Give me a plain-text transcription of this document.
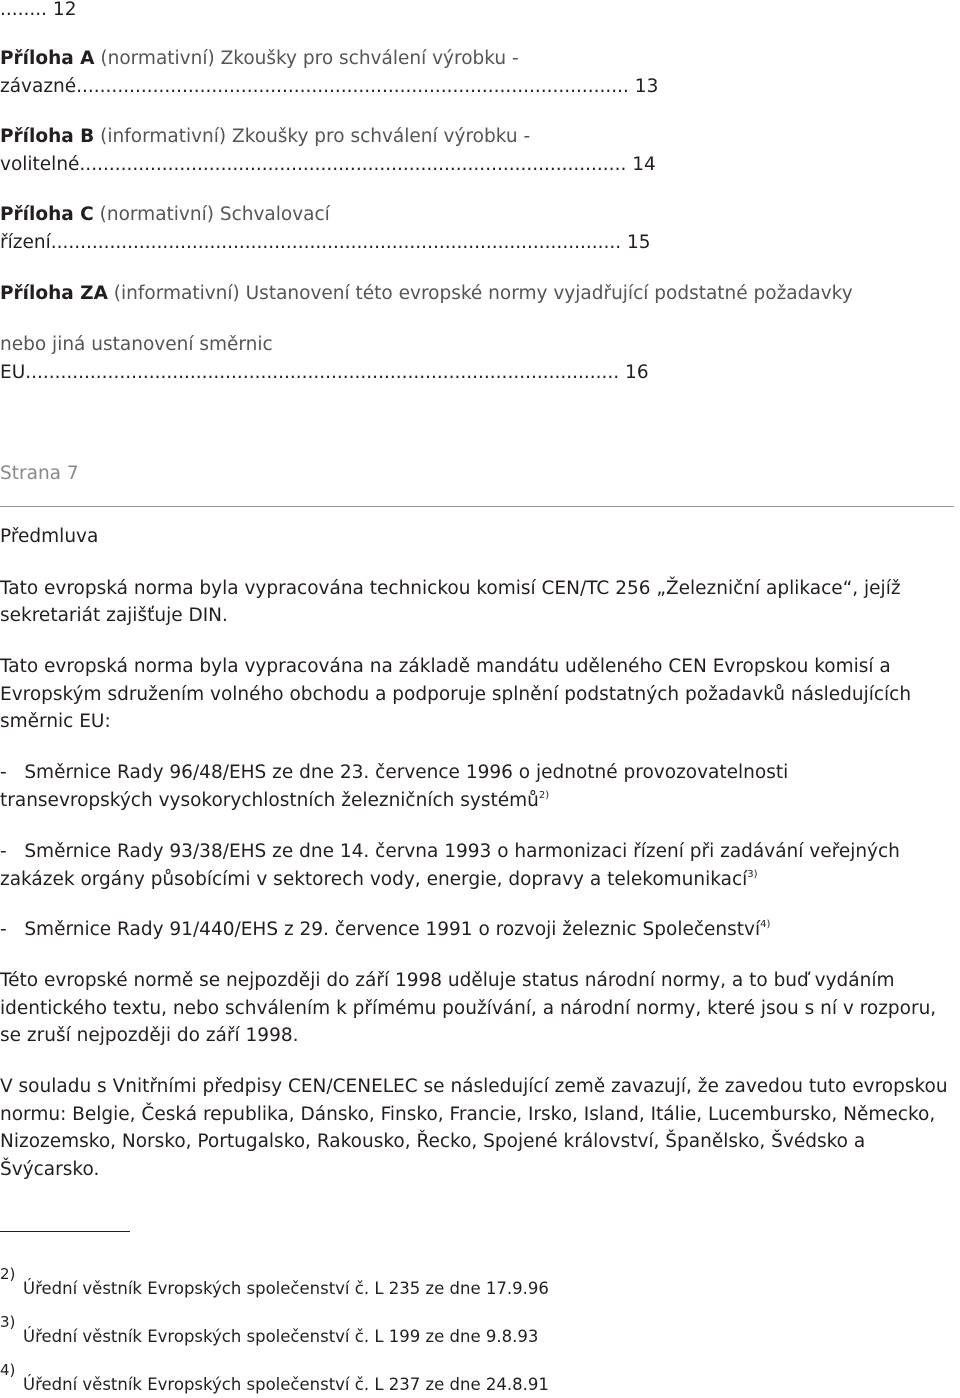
........ 12
Příloha A (normativní) Zkoušky pro schválení výrobku -
závazné.............................................................................................. 13
Příloha B (informativní) Zkoušky pro schválení výrobku -
volitelné............................................................................................. 14
Příloha C (normativní) Schvalovací
řízení................................................................................................. 15
Příloha ZA (informativní) Ustanovení této evropské normy vyjadřující podstatné požadavky
nebo jiná ustanovení směrnic
EU..................................................................................................... 16
Strana 7
Předmluva
Tato evropská norma byla vypracována technickou komisí CEN/TC 256 „Železniční aplikace“, jejíž
sekretariát zajišťuje DIN.
Tato evropská norma byla vypracována na základě mandátu uděleného CEN Evropskou komisí a
Evropským sdružením volného obchodu a podporuje splnění podstatných požadavků následujících
směrnic EU:
-   Směrnice Rady 96/48/EHS ze dne 23. července 1996 o jednotné provozovatelnosti
transevropských vysokorychlostních železničních systémů$^{2)}$
-   Směrnice Rady 93/38/EHS ze dne 14. června 1993 o harmonizaci řízení při zadávání veřejných
zakázek orgány působícími v sektorech vody, energie, dopravy a telekomunikací$^{3)}$
-   Směrnice Rady 91/440/EHS z 29. července 1991 o rozvoji železnic Společenství$^{4)}$
Této evropské normě se nejpozději do září 1998 uděluje status národní normy, a to buď vydáním
identického textu, nebo schválením k přímému používání, a národní normy, které jsou s ní v rozporu,
se zruší nejpozději do září 1998.
V souladu s Vnitřními předpisy CEN/CENELEC se následující země zavazují, že zavedou tuto evropskou
normu: Belgie, Česká republika, Dánsko, Finsko, Francie, Irsko, Island, Itálie, Lucembursko, Německo,
Nizozemsko, Norsko, Portugalsko, Rakousko, Řecko, Spojené království, Španělsko, Švédsko a
Švýcarsko.
2)
Úřední věstník Evropských společenství č. L 235 ze dne 17.9.96
3)
Úřední věstník Evropských společenství č. L 199 ze dne 9.8.93
4)
Úřední věstník Evropských společenství č. L 237 ze dne 24.8.91
